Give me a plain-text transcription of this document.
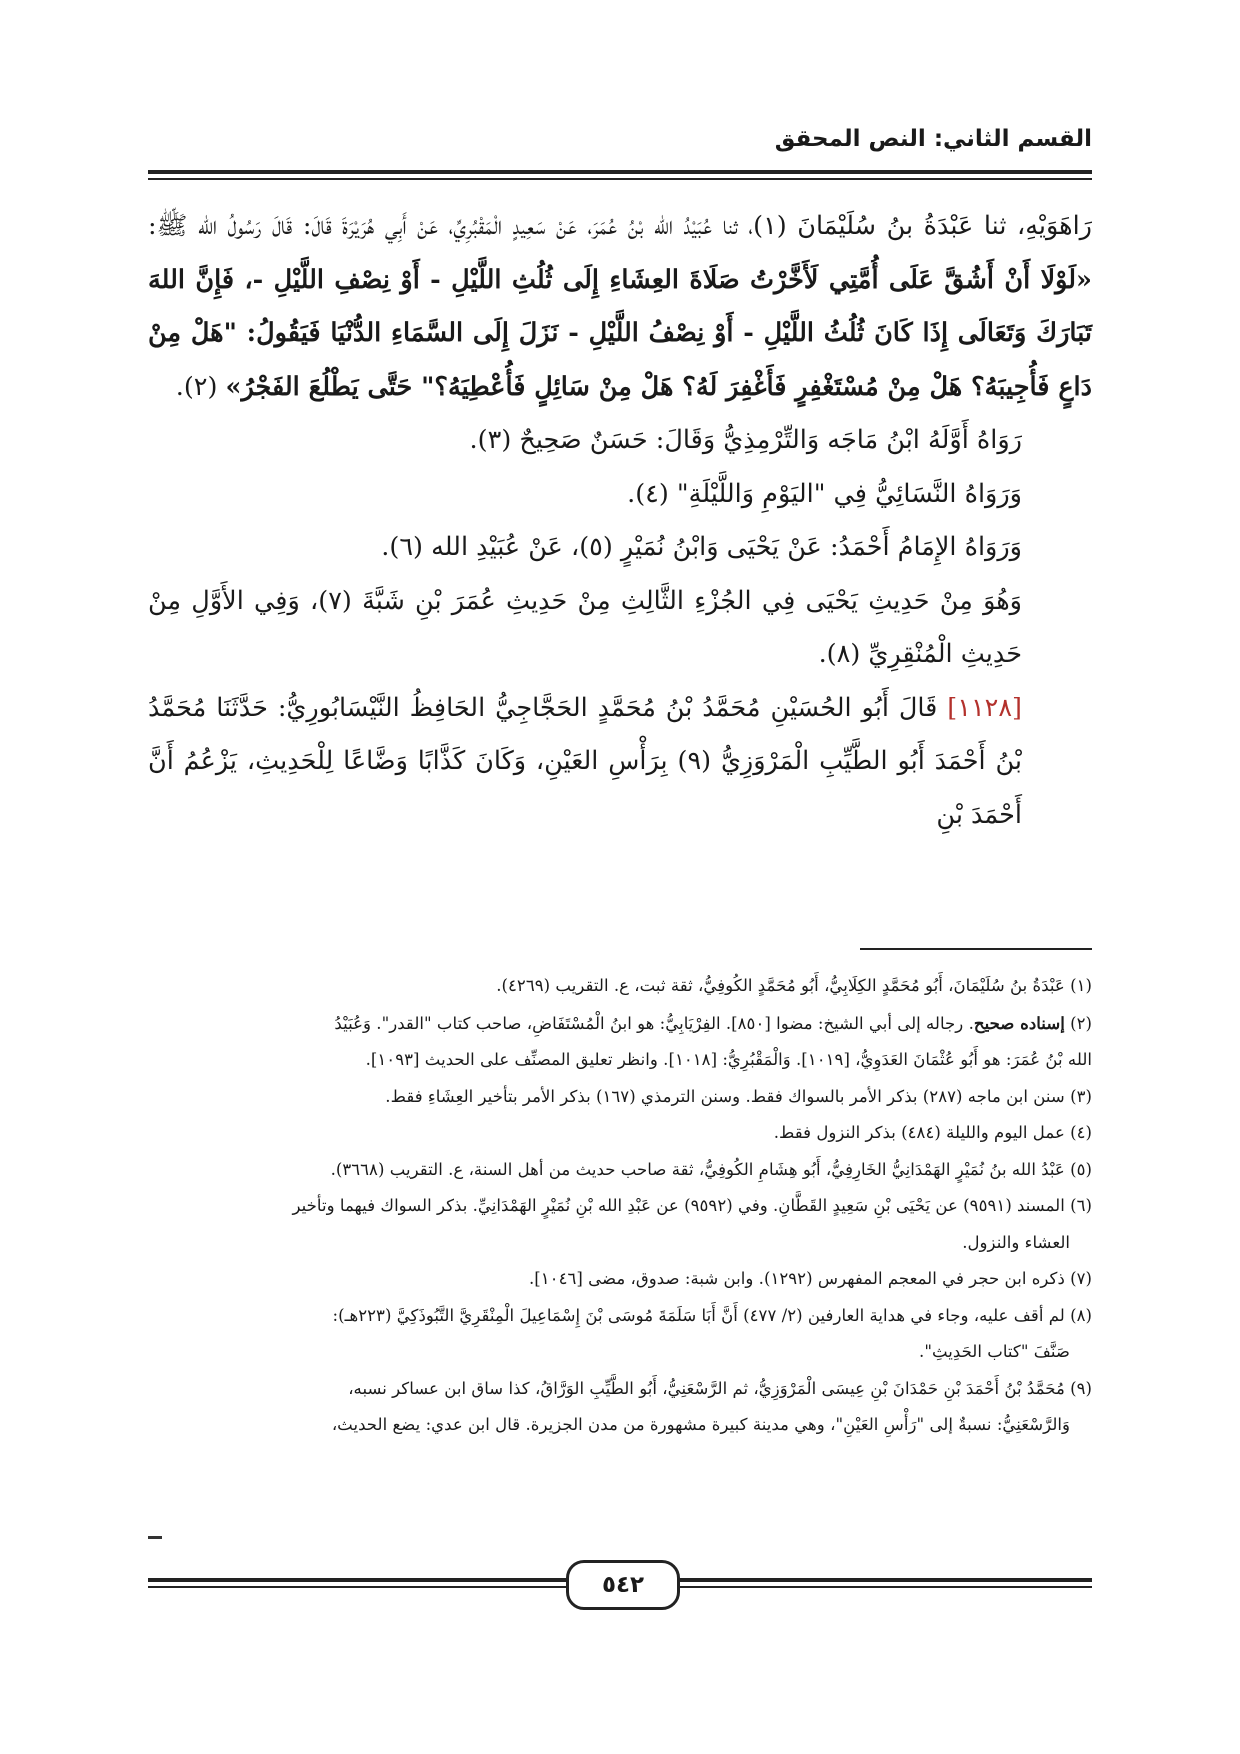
القسم الثاني: النص المحقق

رَاهَوَيْهِ، ثنا عَبْدَةُ بنُ سُلَيْمَانَ (١)، ثنا عُبَيْدُ الله بْنُ عُمَرَ، عَنْ سَعِيدٍ الْمَقْبُرِيِّ، عَنْ أَبِي هُرَيْرَةَ قَالَ: قَالَ رَسُولُ الله ﷺ: «لَوْلَا أَنْ أَشُقَّ عَلَى أُمَّتِي لَأَخَّرْتُ صَلَاةَ العِشَاءِ إِلَى ثُلُثِ اللَّيْلِ - أَوْ نِصْفِ اللَّيْلِ -، فَإِنَّ اللهَ تَبَارَكَ وَتَعَالَى إِذَا كَانَ ثُلُثُ اللَّيْلِ - أَوْ نِصْفُ اللَّيْلِ - نَزَلَ إِلَى السَّمَاءِ الدُّنْيَا فَيَقُولُ: "هَلْ مِنْ دَاعٍ فَأُجِيبَهُ؟ هَلْ مِنْ مُسْتَغْفِرٍ فَأَغْفِرَ لَهُ؟ هَلْ مِنْ سَائِلٍ فَأُعْطِيَهُ؟" حَتَّى يَطْلُعَ الفَجْرُ» (٢).

رَوَاهُ أَوَّلَهُ ابْنُ مَاجَه وَالتِّرْمِذِيُّ وَقَالَ: حَسَنٌ صَحِيحٌ (٣).

وَرَوَاهُ النَّسَائِيُّ فِي "اليَوْمِ وَاللَّيْلَةِ" (٤).

وَرَوَاهُ الإِمَامُ أَحْمَدُ: عَنْ يَحْيَى وَابْنُ نُمَيْرٍ (٥)، عَنْ عُبَيْدِ الله (٦).

وَهُوَ مِنْ حَدِيثِ يَحْيَى فِي الجُزْءِ الثَّالِثِ مِنْ حَدِيثِ عُمَرَ بْنِ شَبَّةَ (٧)، وَفِي الأَوَّلِ مِنْ حَدِيثِ الْمُنْقِرِيِّ (٨).

[١١٢٨] قَالَ أَبُو الحُسَيْنِ مُحَمَّدُ بْنُ مُحَمَّدٍ الحَجَّاجِيُّ الحَافِظُ النَّيْسَابُورِيُّ: حَدَّثَنَا مُحَمَّدُ بْنُ أَحْمَدَ أَبُو الطَّيِّبِ الْمَرْوَزِيُّ (٩) بِرَأْسِ العَيْنِ، وَكَانَ كَذَّابًا وَضَّاعًا لِلْحَدِيثِ، يَزْعُمُ أَنَّ أَحْمَدَ بْنِ

(١) عَبْدَةُ بنُ سُلَيْمَانَ، أَبُو مُحَمَّدٍ الكِلَابِيُّ، أَبُو مُحَمَّدٍ الكُوفِيُّ، ثقة ثبت، ع. التقريب (٤٢٦٩).

(٢) إسناده صحيح. رجاله إلى أبي الشيخ: مضوا [٨٥٠]. الفِرْيَابِيُّ: هو ابنُ الْمُسْتَفَاضِ، صاحب كتاب "القدر". وَعُبَيْدُ

الله بْنُ عُمَرَ: هو أَبُو عُثْمَانَ العَدَوِيُّ، [١٠١٩]. وَالْمَقْبُرِيُّ: [١٠١٨]. وانظر تعليق المصنِّف على الحديث [١٠٩٣].

(٣) سنن ابن ماجه (٢٨٧) بذكر الأمر بالسواك فقط. وسنن الترمذي (١٦٧) بذكر الأمر بتأخير العِشَاءِ فقط.

(٤) عمل اليوم والليلة (٤٨٤) بذكر النزول فقط.

(٥) عَبْدُ الله بنُ نُمَيْرٍ الهَمْدَانِيُّ الخَارِفِيُّ، أَبُو هِشَامِ الكُوفِيُّ، ثقة صاحب حديث من أهل السنة، ع. التقريب (٣٦٦٨).

(٦) المسند (٩٥٩١) عن يَحْيَى بْنِ سَعِيدٍ القَطَّانِ. وفي (٩٥٩٢) عن عَبْدِ الله بْنِ نُمَيْرٍ الهَمْدَانِيِّ. بذكر السواك فيهما وتأخير

العشاء والنزول.

(٧) ذكره ابن حجر في المعجم المفهرس (١٢٩٢). وابن شبة: صدوق، مضى [١٠٤٦].

(٨) لم أقف عليه، وجاء في هداية العارفين (٢/ ٤٧٧) أَنَّ أَبَا سَلَمَةَ مُوسَى بْنَ إِسْمَاعِيلَ الْمِنْقَرِيَّ التَّبُوذَكِيَّ (٢٢٣هـ):

صَنَّفَ "كتاب الحَدِيثِ".

(٩) مُحَمَّدُ بْنُ أَحْمَدَ بْنِ حَمْدَانَ بْنِ عِيسَى الْمَرْوَزِيُّ، ثم الرَّسْعَنِيُّ، أَبُو الطَّيِّبِ الوَرَّاقُ، كذا ساق ابن عساكر نسبه،

وَالرَّسْعَنِيُّ: نسبةٌ إلى "رَأْسِ العَيْنِ"، وهي مدينة كبيرة مشهورة من مدن الجزيرة. قال ابن عدي: يضع الحديث،

٥٤٢
